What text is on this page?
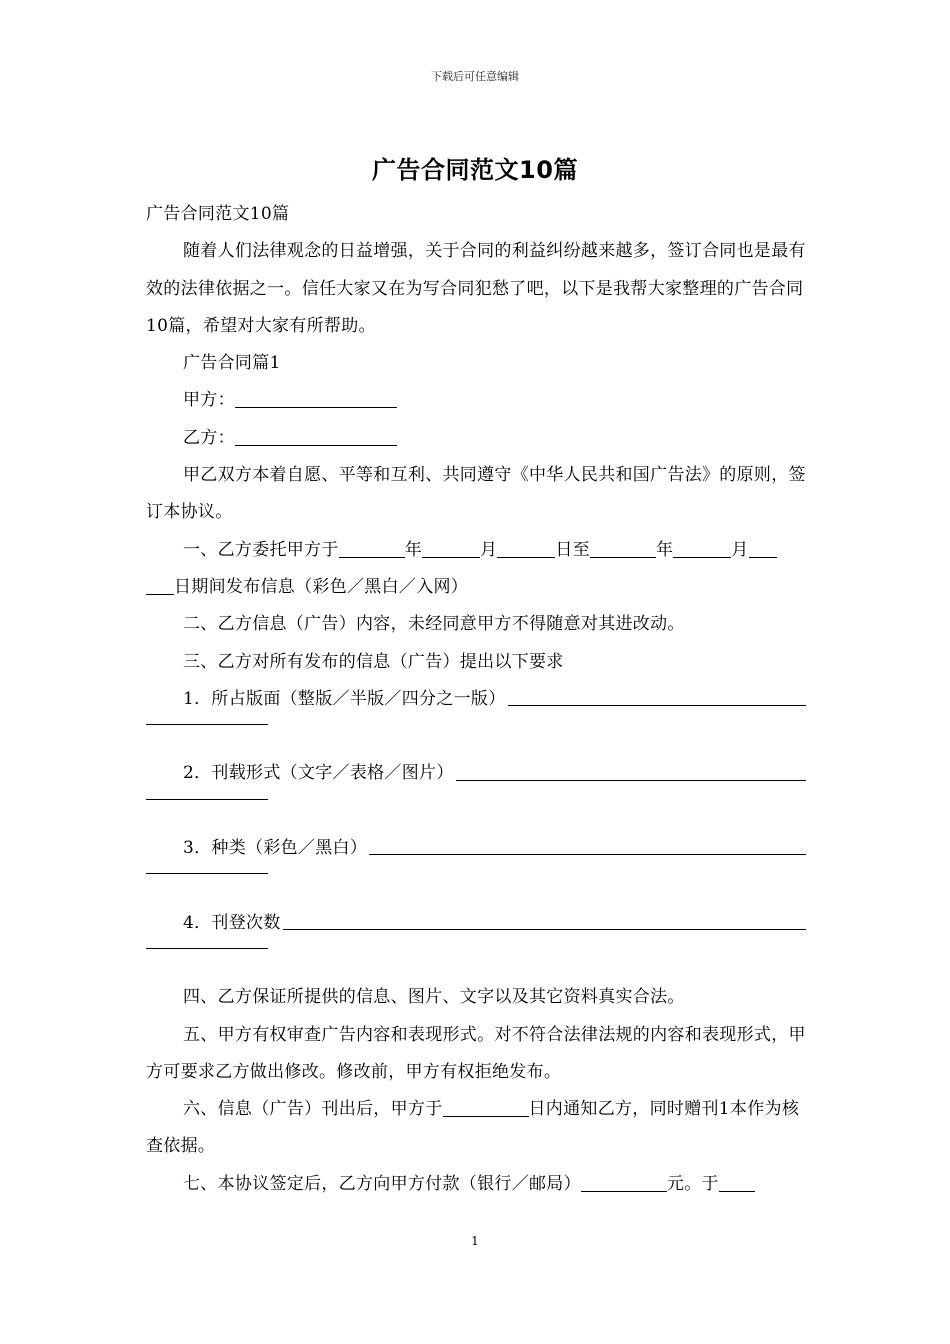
下载后可任意编辑
广告合同范文10篇

广告合同范文10篇

随着人们法律观念的日益增强，关于合同的利益纠纷越来越多，签订合同也是最有效的法律依据之一。信任大家又在为写合同犯愁了吧，以下是我帮大家整理的广告合同10篇，希望对大家有所帮助。

广告合同篇1

甲方：

乙方：

甲乙双方本着自愿、平等和互利、共同遵守《中华人民共和国广告法》的原则，签订本协议。

一、乙方委托甲方于	年	月	日至	年	月
日期间发布信息（彩色／黑白／入网）

二、乙方信息（广告）内容，未经同意甲方不得随意对其进改动。

三、乙方对所有发布的信息（广告）提出以下要求

1．所占版面（整版／半版／四分之一版）
2．刊载形式（文字／表格／图片）
3．种类（彩色／黑白）
4．刊登次数

四、乙方保证所提供的信息、图片、文字以及其它资料真实合法。

五、甲方有权审查广告内容和表现形式。对不符合法律法规的内容和表现形式，甲方可要求乙方做出修改。修改前，甲方有权拒绝发布。

六、信息（广告）刊出后，甲方于	日内通知乙方，同时赠刊1本作为核查依据。

七、本协议签定后，乙方向甲方付款（银行／邮局）	元。于

1
